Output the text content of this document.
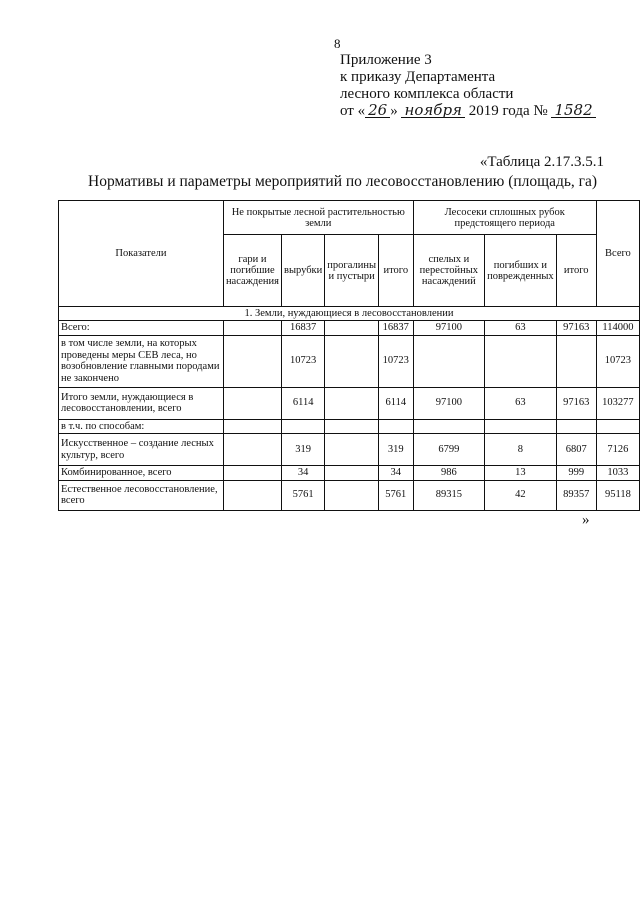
8
Приложение 3
к приказу Департамента
лесного комплекса области
от « 26 » ноября 2019 года № 1582
«Таблица 2.17.3.5.1
Нормативы и параметры мероприятий по лесовосстановлению (площадь, га)
Показатели	Не покрытые лесной растительностью земли				Лесосеки сплошных рубок предстоящего периода			Всего
	гари и погибшие насаждения	вырубки	прогалины и пустыри	итого	спелых и перестойных насаждений	погибших и поврежденных	итого	
1. Земли, нуждающиеся в лесовосстановлении								
Всего:		16837		16837	97100	63	97163	114000
в том числе земли, на которых проведены меры СЕВ леса, но возобновление главными породами не закончено		10723		10723				10723
Итого земли, нуждающиеся в лесовосстановлении, всего		6114		6114	97100	63	97163	103277
в т.ч. по способам:								
Искусственное – создание лесных культур, всего		319		319	6799	8	6807	7126
Комбинированное, всего		34		34	986	13	999	1033
Естественное лесовосстановление, всего		5761		5761	89315	42	89357	95118
»
